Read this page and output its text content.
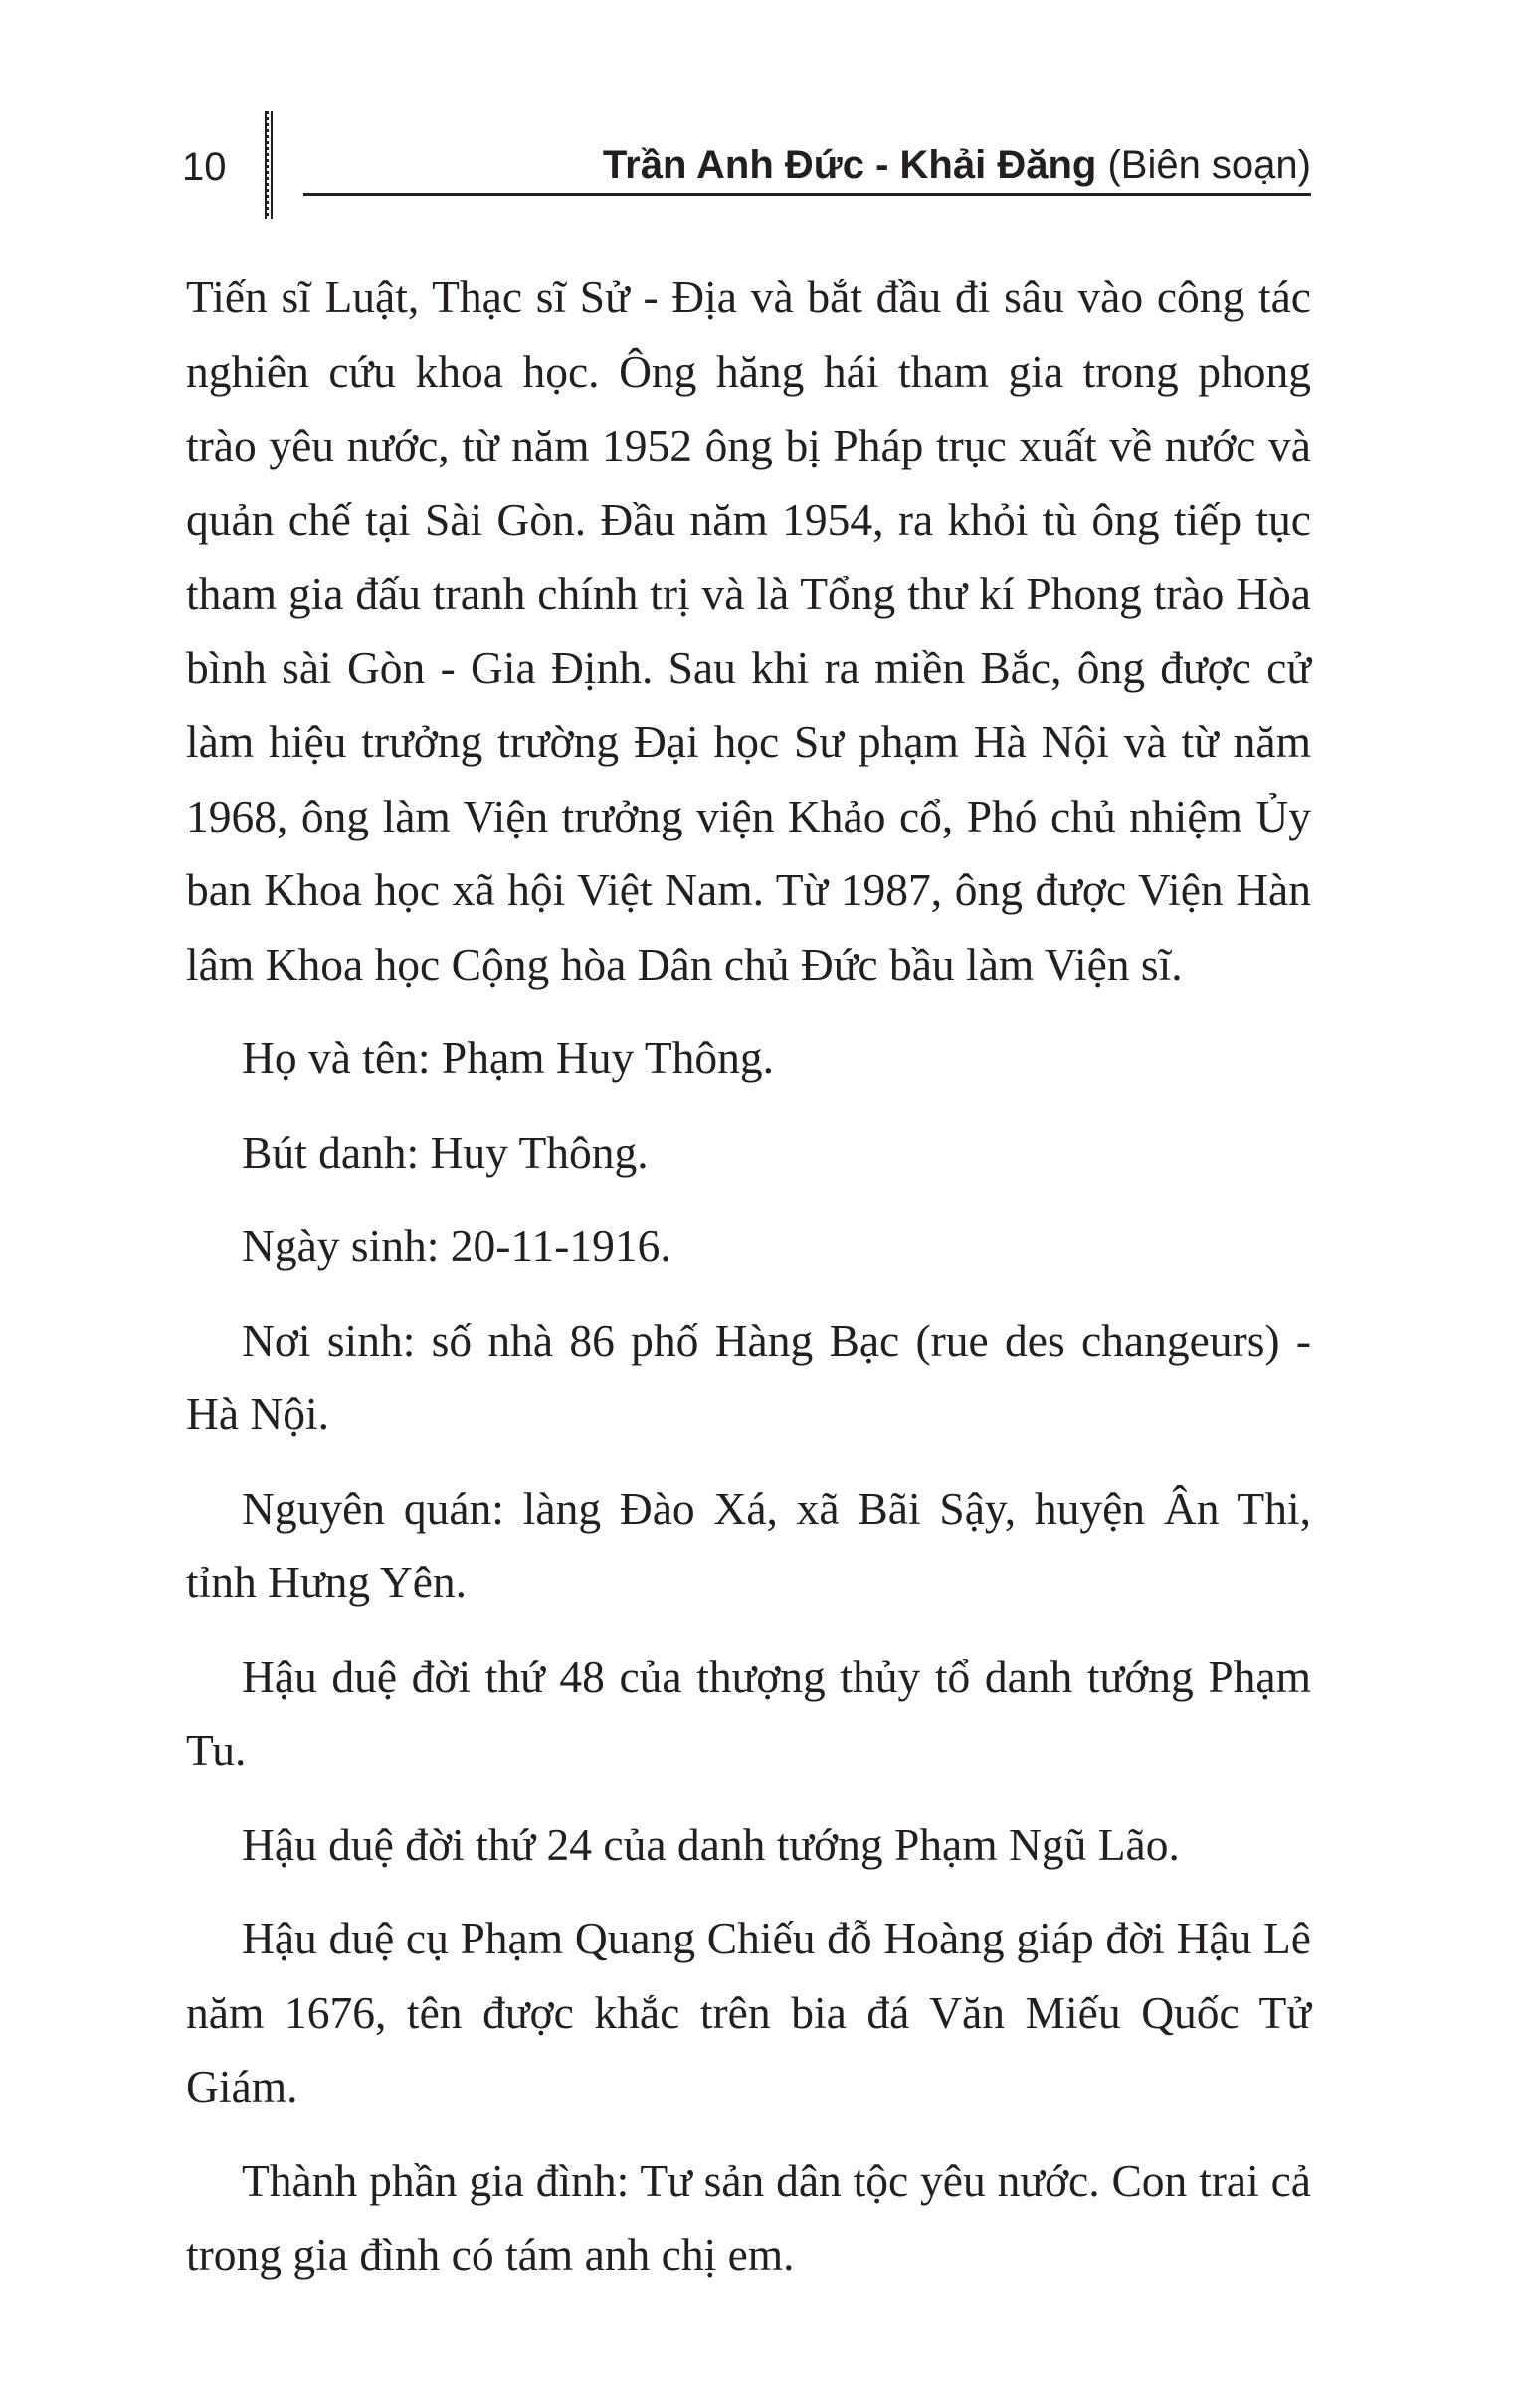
10	Trần Anh Đức - Khải Đăng (Biên soạn)

Tiến sĩ Luật, Thạc sĩ Sử - Địa và bắt đầu đi sâu vào công tác nghiên cứu khoa học. Ông hăng hái tham gia trong phong trào yêu nước, từ năm 1952 ông bị Pháp trục xuất về nước và quản chế tại Sài Gòn. Đầu năm 1954, ra khỏi tù ông tiếp tục tham gia đấu tranh chính trị và là Tổng thư kí Phong trào Hòa bình sài Gòn - Gia Định. Sau khi ra miền Bắc, ông được cử làm hiệu trưởng trường Đại học Sư phạm Hà Nội và từ năm 1968, ông làm Viện trưởng viện Khảo cổ, Phó chủ nhiệm Ủy ban Khoa học xã hội Việt Nam. Từ 1987, ông được Viện Hàn lâm Khoa học Cộng hòa Dân chủ Đức bầu làm Viện sĩ.

Họ và tên: Phạm Huy Thông.

Bút danh: Huy Thông.

Ngày sinh: 20-11-1916.

Nơi sinh: số nhà 86 phố Hàng Bạc (rue des changeurs) - Hà Nội.

Nguyên quán: làng Đào Xá, xã Bãi Sậy, huyện Ân Thi, tỉnh Hưng Yên.

Hậu duệ đời thứ 48 của thượng thủy tổ danh tướng Phạm Tu.

Hậu duệ đời thứ 24 của danh tướng Phạm Ngũ Lão.

Hậu duệ cụ Phạm Quang Chiếu đỗ Hoàng giáp đời Hậu Lê năm 1676, tên được khắc trên bia đá Văn Miếu Quốc Tử Giám.

Thành phần gia đình: Tư sản dân tộc yêu nước. Con trai cả trong gia đình có tám anh chị em.
